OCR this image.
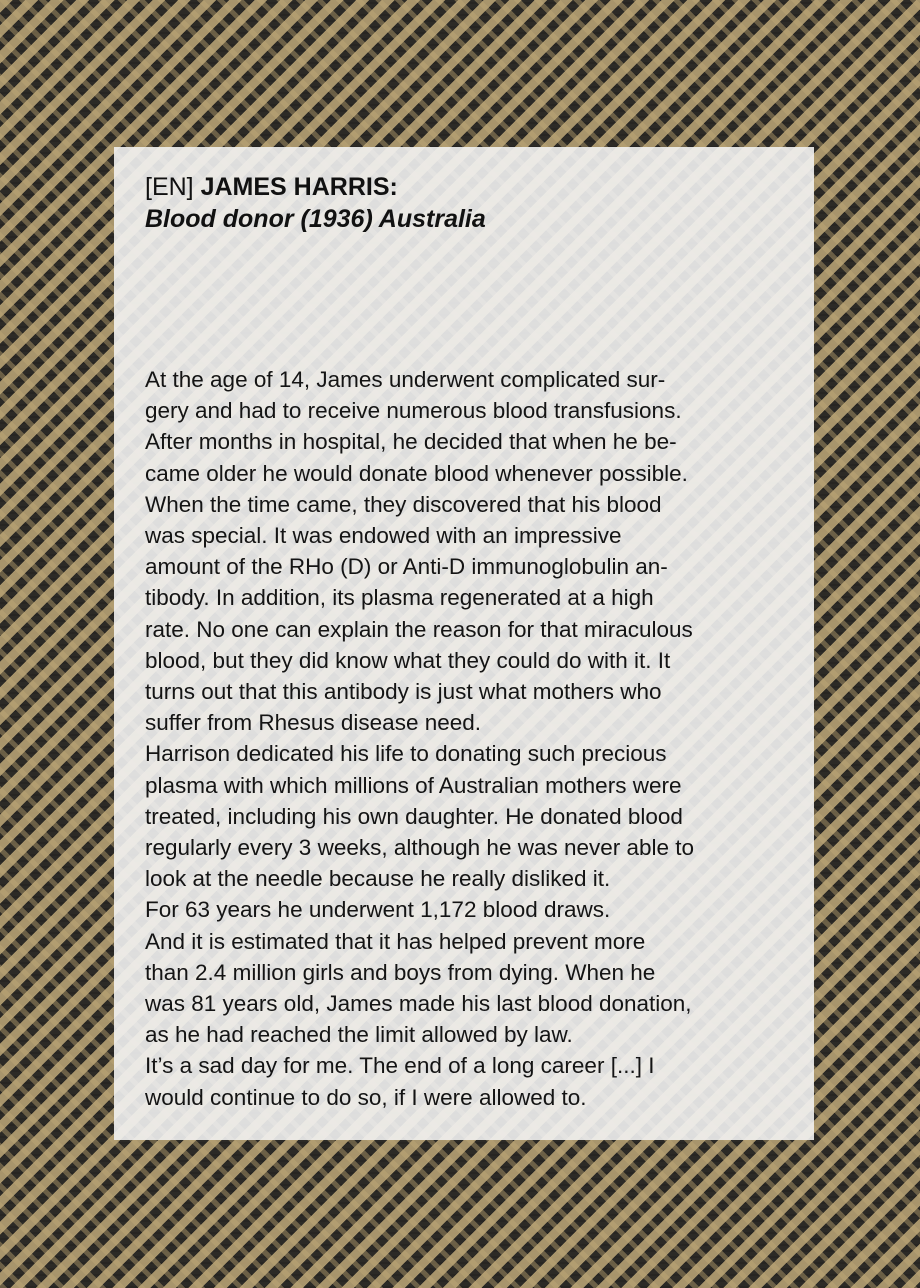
[EN] JAMES HARRIS:

Blood donor (1936) Australia

At the age of 14, James underwent complicated sur-
gery and had to receive numerous blood transfusions.
After months in hospital, he decided that when he be-
came older he would donate blood whenever possible.
When the time came, they discovered that his blood
was special. It was endowed with an impressive
amount of the RHo (D) or Anti-D immunoglobulin an-
tibody. In addition, its plasma regenerated at a high
rate. No one can explain the reason for that miraculous
blood, but they did know what they could do with it. It
turns out that this antibody is just what mothers who
suffer from Rhesus disease need.
Harrison dedicated his life to donating such precious
plasma with which millions of Australian mothers were
treated, including his own daughter. He donated blood
regularly every 3 weeks, although he was never able to
look at the needle because he really disliked it.
For 63 years he underwent 1,172 blood draws.
And it is estimated that it has helped prevent more
than 2.4 million girls and boys from dying. When he
was 81 years old, James made his last blood donation,
as he had reached the limit allowed by law.
It’s a sad day for me. The end of a long career [...] I
would continue to do so, if I were allowed to.
